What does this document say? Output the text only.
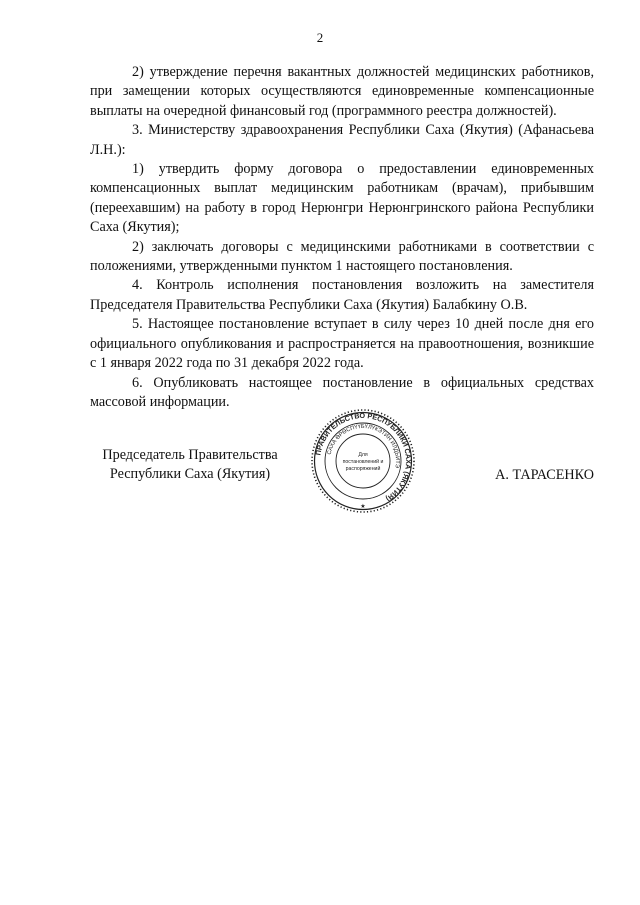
2

2) утверждение перечня вакантных должностей медицинских работников, при замещении которых осуществляются единовременные компенсационные выплаты на очередной финансовый год (программного реестра должностей).

3. Министерству здравоохранения Республики Саха (Якутия) (Афанасьева Л.Н.):

1) утвердить форму договора о предоставлении единовременных компенсационных выплат медицинским работникам (врачам), прибывшим (переехавшим) на работу в город Нерюнгри Нерюнгринского района Республики Саха (Якутия);

2) заключать договоры с медицинскими работниками в соответствии с положениями, утвержденными пунктом 1 настоящего постановления.

4. Контроль исполнения постановления возложить на заместителя Председателя Правительства Республики Саха (Якутия) Балабкину О.В.

5. Настоящее постановление вступает в силу через 10 дней после дня его официального опубликования и распространяется на правоотношения, возникшие с 1 января 2022 года по 31 декабря 2022 года.

6. Опубликовать настоящее постановление в официальных средствах массовой информации.

Председатель Правительства
Республики Саха (Якутия)	А. ТАРАСЕНКО
ПРАВИТЕЛЬСТВО РЕСПУБЛИКИ САХА (ЯКУТИЯ)
САХА ӨРӨСПҮҮБҮЛҮКЭТИН ИЛДЬИТЭ
Для
постановлений и
распоряжений
★
